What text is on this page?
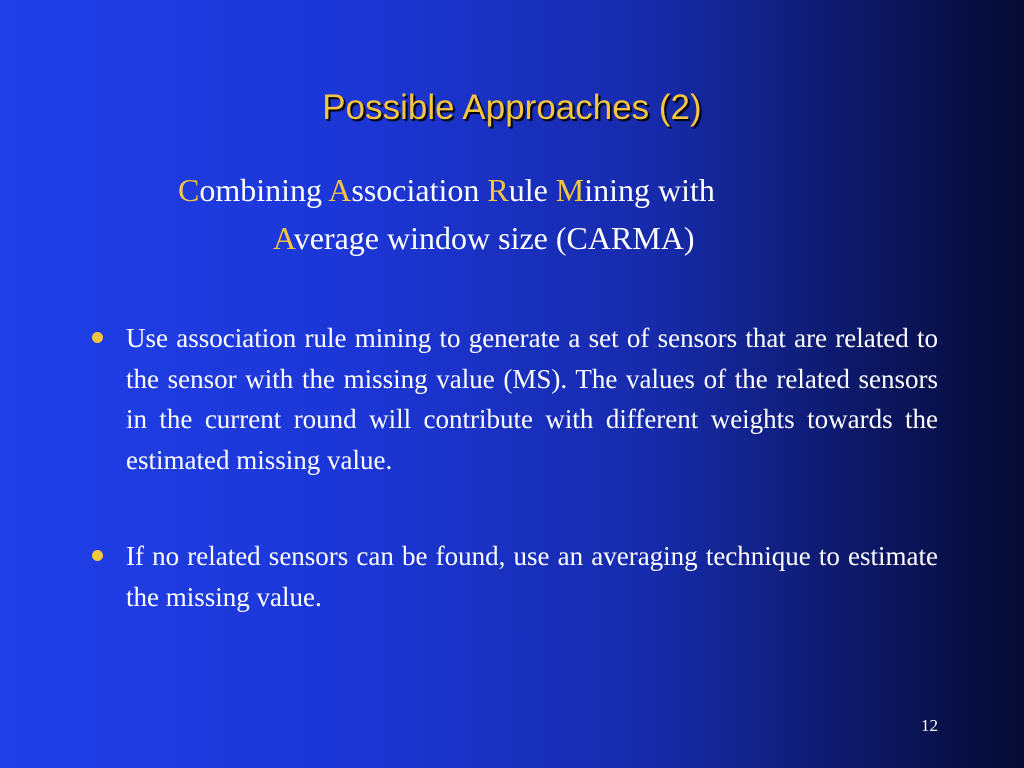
Possible Approaches (2)
Combining Association Rule Mining with
Average window size (CARMA)
Use association rule mining to generate a set of sensors that are related to the sensor with the missing value (MS). The values of the related sensors in the current round will contribute with different weights towards the estimated missing value.
If no related sensors can be found, use an averaging technique to estimate the missing value.
12
